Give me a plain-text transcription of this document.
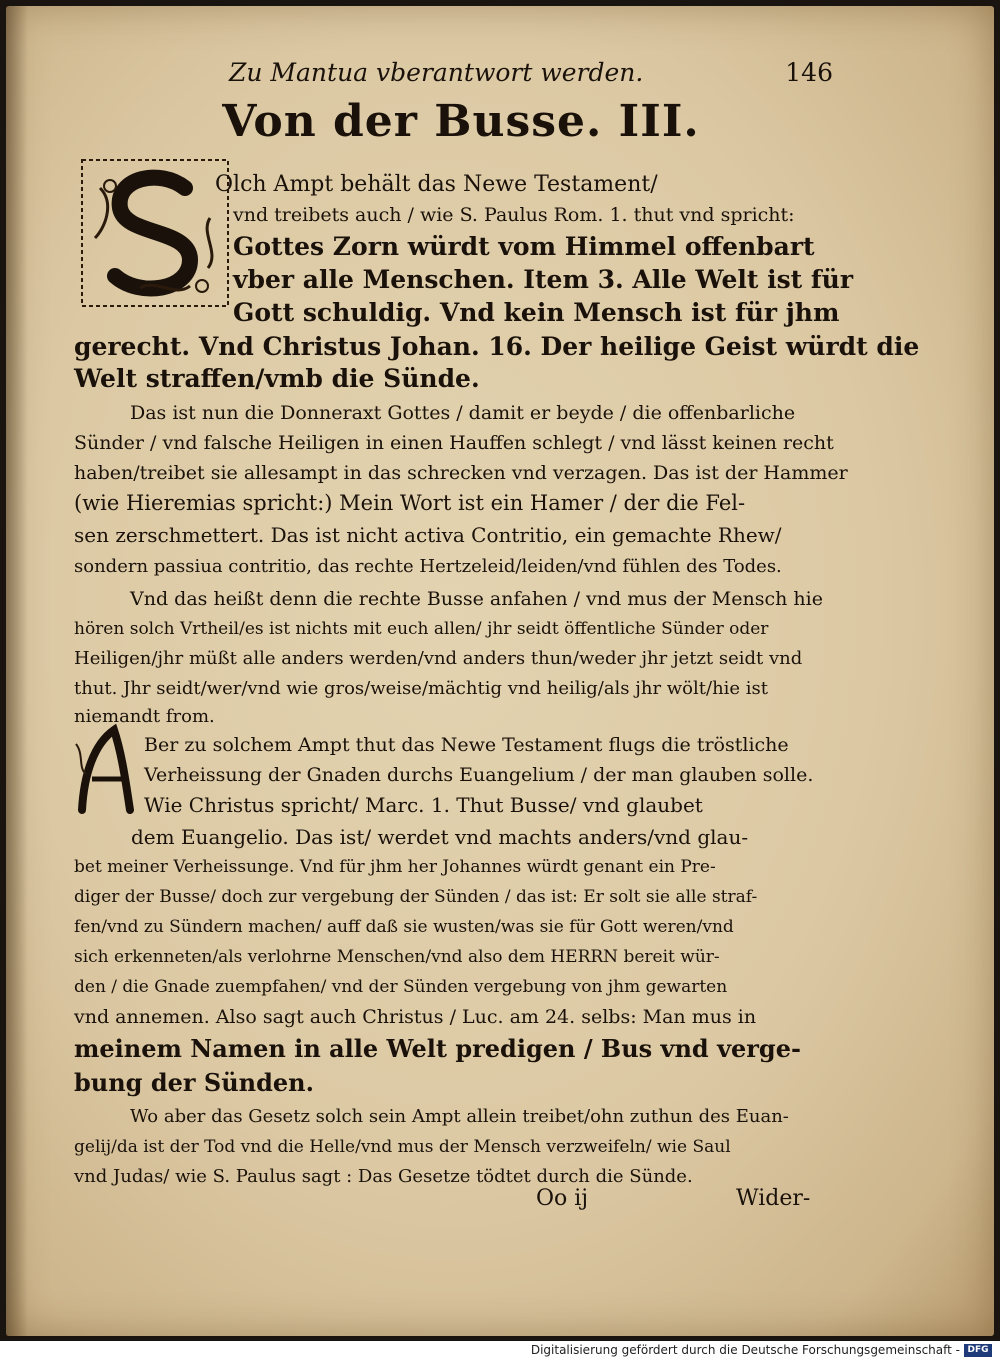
Zu Mantua vberantwort werden.	146
Von der Busse. III.
Olch Ampt behält das Newe Testament/
vnd treibets auch / wie S. Paulus Rom. 1. thut vnd spricht:
Gottes Zorn würdt vom Himmel offenbart
vber alle Menschen. Item 3. Alle Welt ist für
Gott schuldig. Vnd kein Mensch ist für jhm
gerecht. Vnd Christus Johan. 16. Der heilige Geist würdt die
Welt straffen/vmb die Sünde.
Das ist nun die Donneraxt Gottes / damit er beyde / die offenbarliche
Sünder / vnd falsche Heiligen in einen Hauffen schlegt / vnd lässt keinen recht
haben/treibet sie allesampt in das schrecken vnd verzagen. Das ist der Hammer
(wie Hieremias spricht:) Mein Wort ist ein Hamer / der die Fel-
sen zerschmettert. Das ist nicht activa Contritio, ein gemachte Rhew/
sondern passiua contritio, das rechte Hertzeleid/leiden/vnd fühlen des Todes.
Vnd das heißt denn die rechte Busse anfahen / vnd mus der Mensch hie
hören solch Vrtheil/es ist nichts mit euch allen/ jhr seidt öffentliche Sünder oder
Heiligen/jhr müßt alle anders werden/vnd anders thun/weder jhr jetzt seidt vnd
thut. Jhr seidt/wer/vnd wie gros/weise/mächtig vnd heilig/als jhr wölt/hie ist
niemandt from.
Ber zu solchem Ampt thut das Newe Testament flugs die tröstliche
Verheissung der Gnaden durchs Euangelium / der man glauben solle.
Wie Christus spricht/ Marc. 1. Thut Busse/ vnd glaubet
dem Euangelio. Das ist/ werdet vnd machts anders/vnd glau-
bet meiner Verheissunge. Vnd für jhm her Johannes würdt genant ein Pre-
diger der Busse/ doch zur vergebung der Sünden / das ist: Er solt sie alle straf-
fen/vnd zu Sündern machen/ auff daß sie wusten/was sie für Gott weren/vnd
sich erkenneten/als verlohrne Menschen/vnd also dem HERRN bereit wür-
den / die Gnade zuempfahen/ vnd der Sünden vergebung von jhm gewarten
vnd annemen. Also sagt auch Christus / Luc. am 24. selbs: Man mus in
meinem Namen in alle Welt predigen / Bus vnd verge-
bung der Sünden.
Wo aber das Gesetz solch sein Ampt allein treibet/ohn zuthun des Euan-
gelij/da ist der Tod vnd die Helle/vnd mus der Mensch verzweifeln/ wie Saul
vnd Judas/ wie S. Paulus sagt : Das Gesetze tödtet durch die Sünde.
Oo ij	Wider-
Digitalisierung gefördert durch die Deutsche Forschungsgemeinschaft - DFG
